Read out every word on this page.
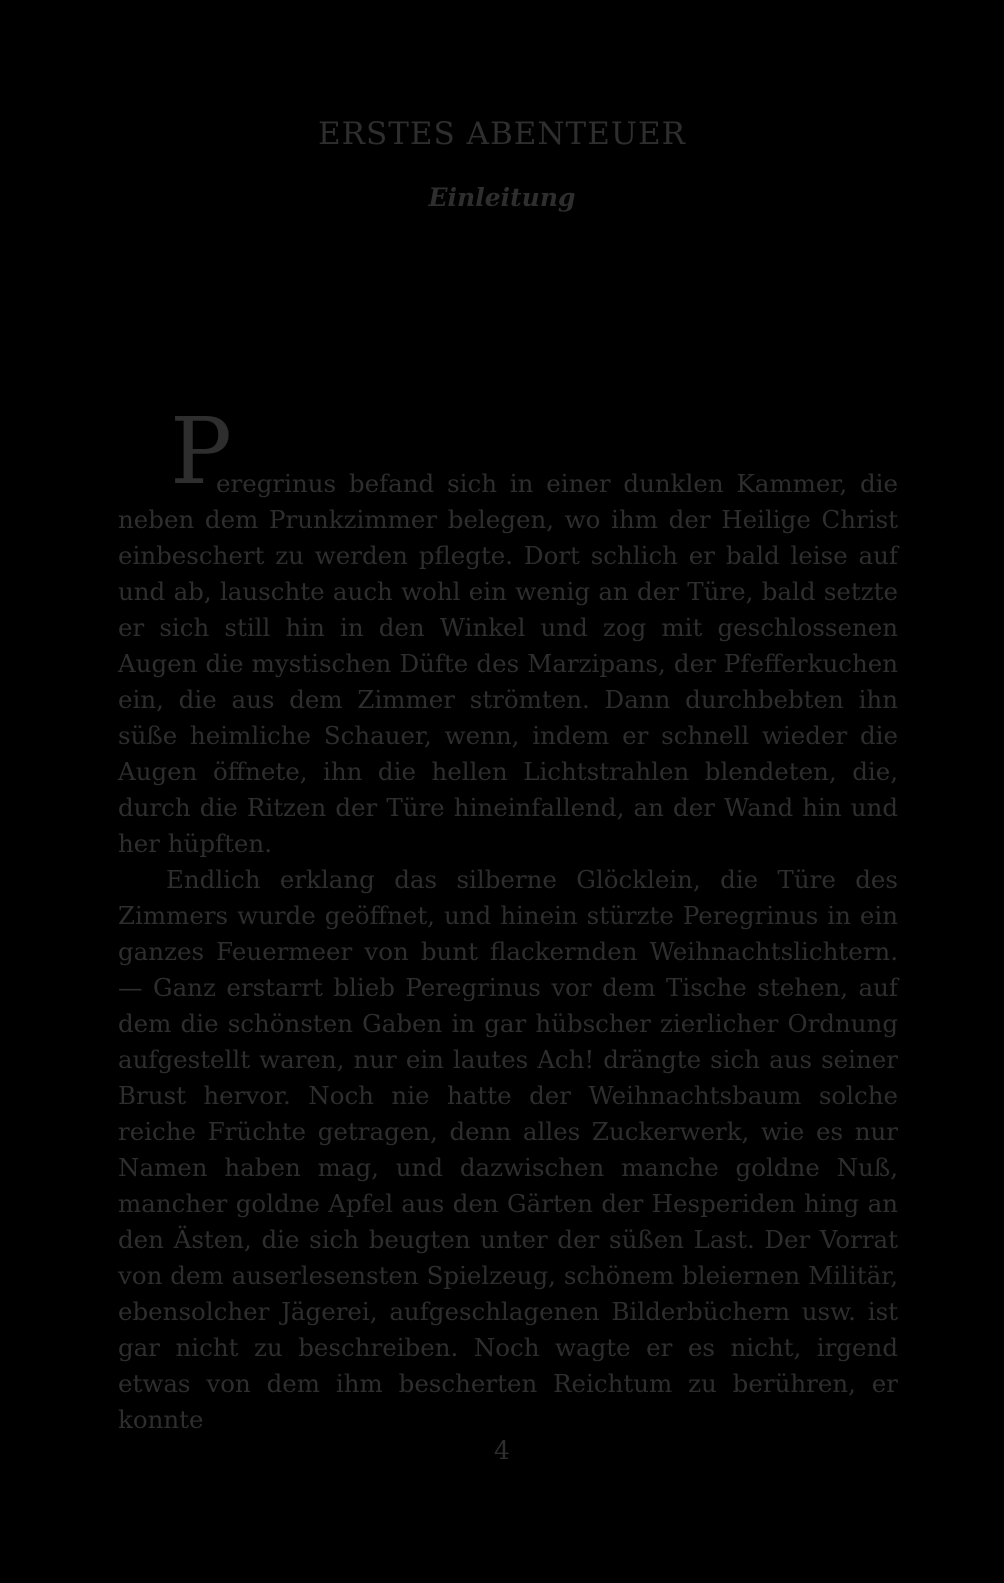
ERSTES ABENTEUER
Einleitung

P
eregrinus befand sich in einer dunklen Kammer, die neben dem Prunkzimmer belegen, wo ihm der Heilige Christ einbeschert zu werden pflegte. Dort schlich er bald leise auf und ab, lauschte auch wohl ein wenig an der Türe, bald setzte er sich still hin in den Winkel und zog mit geschlossenen Augen die mystischen Düfte des Marzipans, der Pfefferkuchen ein, die aus dem Zimmer strömten. Dann durchbebten ihn süße heimliche Schauer, wenn, indem er schnell wieder die Augen öffnete, ihn die hellen Lichtstrahlen blendeten, die, durch die Ritzen der Türe hineinfallend, an der Wand hin und her hüpften.

Endlich erklang das silberne Glöcklein, die Türe des Zimmers wurde geöffnet, und hinein stürzte Peregrinus in ein ganzes Feuermeer von bunt flackernden Weihnachtslichtern. — Ganz erstarrt blieb Peregrinus vor dem Tische stehen, auf dem die schönsten Gaben in gar hübscher zierlicher Ordnung aufgestellt waren, nur ein lautes Ach! drängte sich aus seiner Brust hervor. Noch nie hatte der Weihnachtsbaum solche reiche Früchte getragen, denn alles Zuckerwerk, wie es nur Namen haben mag, und dazwischen manche goldne Nuß, mancher goldne Apfel aus den Gärten der Hesperiden hing an den Ästen, die sich beugten unter der süßen Last. Der Vorrat von dem auserlesensten Spielzeug, schönem bleiernen Militär, ebensolcher Jägerei, aufgeschlagenen Bilderbüchern usw. ist gar nicht zu beschreiben. Noch wagte er es nicht, irgend etwas von dem ihm bescherten Reichtum zu berühren, er konnte

4
